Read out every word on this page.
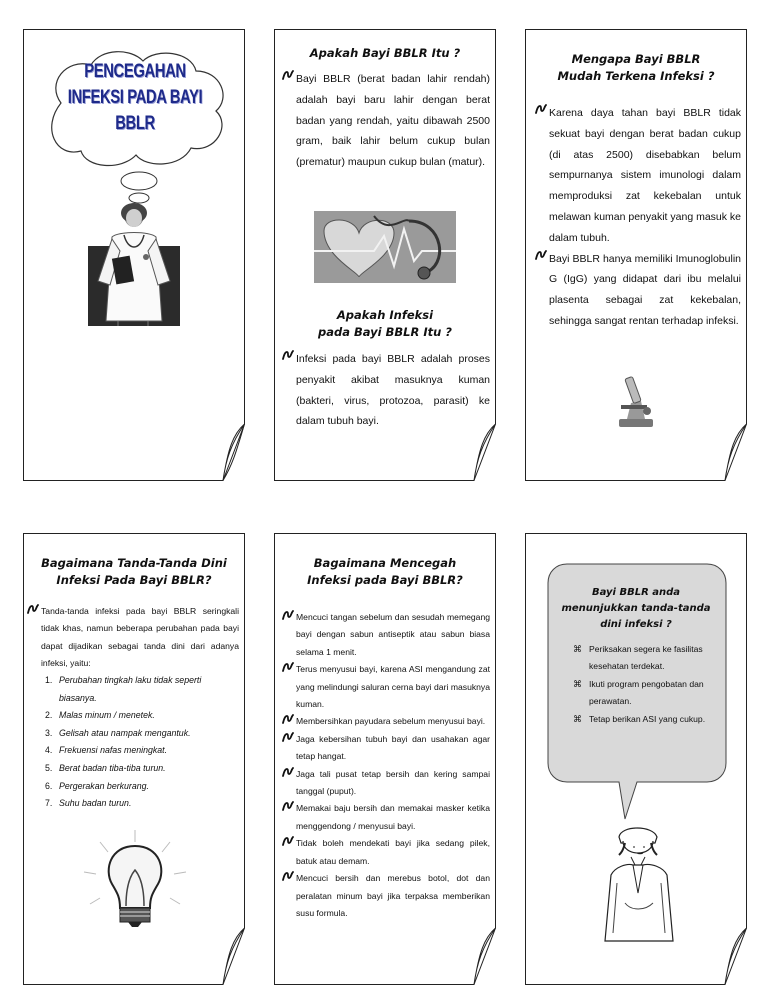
PENCEGAHAN INFEKSI PADA BAYI BBLR
Apakah Bayi BBLR Itu ?
Bayi BBLR (berat badan lahir rendah) adalah bayi baru lahir dengan berat badan yang rendah, yaitu dibawah 2500 gram, baik lahir belum cukup bulan (prematur) maupun cukup bulan (matur).
Apakah Infeksi
pada Bayi BBLR Itu ?
Infeksi pada bayi BBLR adalah proses penyakit akibat masuknya kuman (bakteri, virus, protozoa, parasit) ke dalam tubuh bayi.
Mengapa Bayi BBLR
Mudah Terkena Infeksi ?
Karena daya tahan bayi BBLR tidak sekuat bayi dengan berat badan cukup (di atas 2500) disebabkan belum sempurnanya sistem imunologi dalam memproduksi zat kekebalan untuk melawan kuman penyakit yang masuk ke dalam tubuh.
Bayi BBLR hanya memiliki Imunoglobulin G (IgG) yang didapat dari ibu melalui plasenta sebagai zat kekebalan, sehingga sangat rentan terhadap infeksi.
Bagaimana Tanda-Tanda Dini
Infeksi Pada Bayi BBLR?
Tanda-tanda infeksi pada bayi BBLR seringkali tidak khas, namun beberapa perubahan pada bayi dapat dijadikan sebagai tanda dini dari adanya infeksi, yaitu:
1. Perubahan tingkah laku tidak seperti biasanya.
2. Malas minum / menetek.
3. Gelisah atau nampak mengantuk.
4. Frekuensi nafas meningkat.
5. Berat badan tiba-tiba turun.
6. Pergerakan berkurang.
7. Suhu badan turun.
Bagaimana Mencegah
Infeksi pada Bayi BBLR?
Mencuci tangan sebelum dan sesudah memegang bayi dengan sabun antiseptik atau sabun biasa selama 1 menit.
Terus menyusui bayi, karena ASI mengandung zat yang melindungi saluran cerna bayi dari masuknya kuman.
Membersihkan payudara sebelum menyusui bayi.
Jaga kebersihan tubuh bayi dan usahakan agar tetap hangat.
Jaga tali pusat tetap bersih dan kering sampai tanggal (puput).
Memakai baju bersih dan memakai masker ketika menggendong / menyusui bayi.
Tidak boleh mendekati bayi jika sedang pilek, batuk atau demam.
Mencuci bersih dan merebus botol, dot dan peralatan minum bayi jika terpaksa memberikan susu formula.
Bayi BBLR anda
menunjukkan tanda-tanda
dini infeksi ?
⌘ Periksakan segera ke fasilitas kesehatan terdekat.
⌘ Ikuti program pengobatan dan perawatan.
⌘ Tetap berikan ASI yang cukup.
